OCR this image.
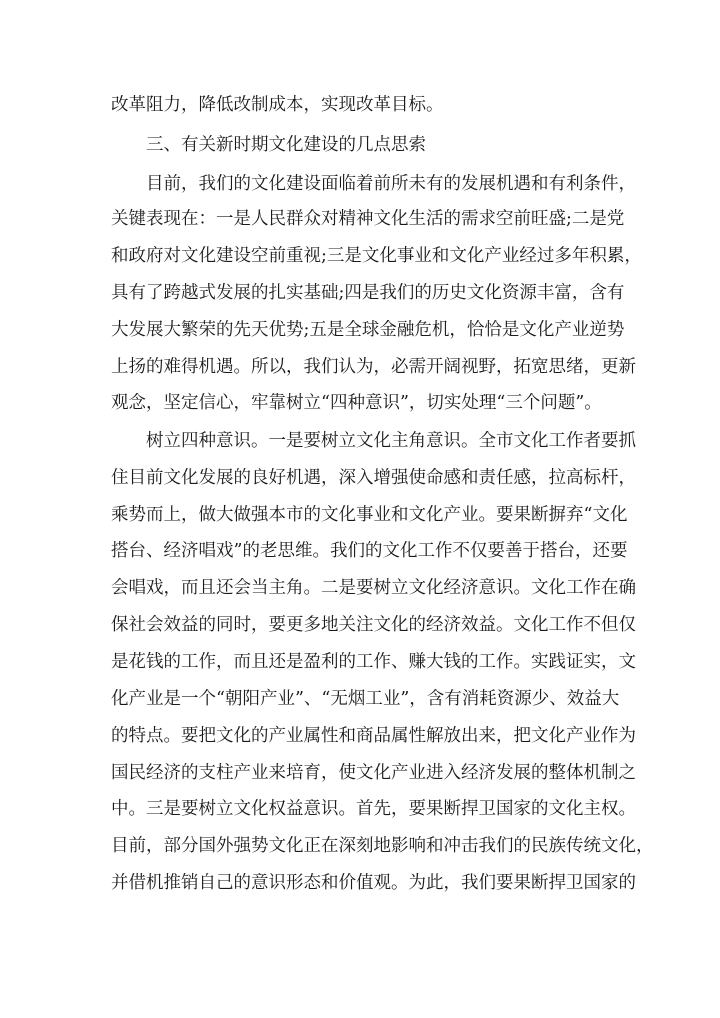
改革阻力，降低改制成本，实现改革目标。
三、有关新时期文化建设的几点思索
目前，我们的文化建设面临着前所未有的发展机遇和有利条件，
关键表现在：一是人民群众对精神文化生活的需求空前旺盛;二是党
和政府对文化建设空前重视;三是文化事业和文化产业经过多年积累，
具有了跨越式发展的扎实基础;四是我们的历史文化资源丰富，含有
大发展大繁荣的先天优势;五是全球金融危机，恰恰是文化产业逆势
上扬的难得机遇。所以，我们认为，必需开阔视野，拓宽思绪，更新
观念，坚定信心，牢靠树立“四种意识”，切实处理“三个问题”。
树立四种意识。一是要树立文化主角意识。全市文化工作者要抓
住目前文化发展的良好机遇，深入增强使命感和责任感，拉高标杆，
乘势而上，做大做强本市的文化事业和文化产业。要果断摒弃“文化
搭台、经济唱戏”的老思维。我们的文化工作不仅要善于搭台，还要
会唱戏，而且还会当主角。二是要树立文化经济意识。文化工作在确
保社会效益的同时，要更多地关注文化的经济效益。文化工作不但仅
是花钱的工作，而且还是盈利的工作、赚大钱的工作。实践证实，文
化产业是一个“朝阳产业”、“无烟工业”，含有消耗资源少、效益大
的特点。要把文化的产业属性和商品属性解放出来，把文化产业作为
国民经济的支柱产业来培育，使文化产业进入经济发展的整体机制之
中。三是要树立文化权益意识。首先，要果断捍卫国家的文化主权。
目前，部分国外强势文化正在深刻地影响和冲击我们的民族传统文化，
并借机推销自己的意识形态和价值观。为此，我们要果断捍卫国家的
